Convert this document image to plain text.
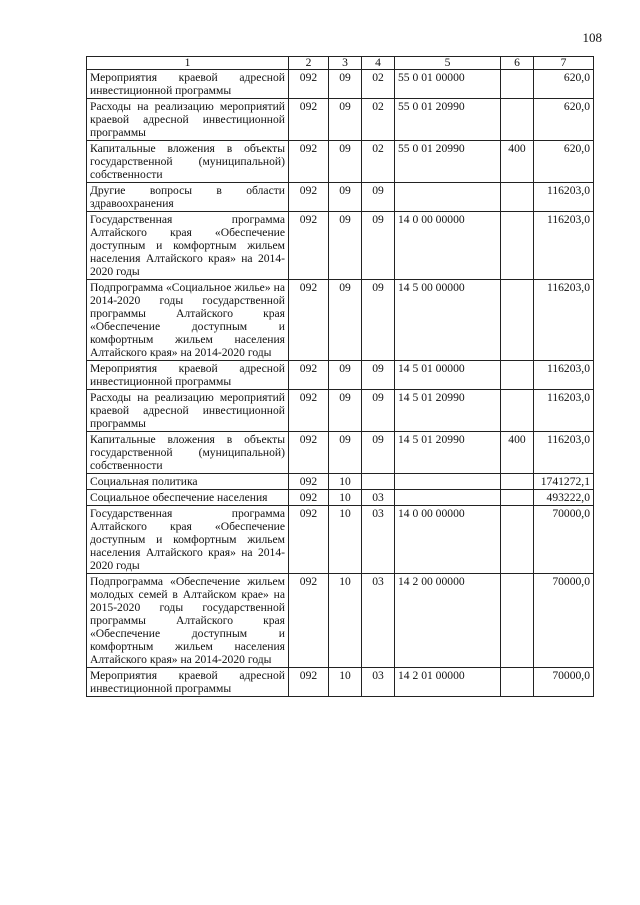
108
1	2	3	4	5	6	7
Мероприятия краевой адресной инвестиционной программы	092	09	02	55 0 01 00000		620,0
Расходы на реализацию мероприятий краевой адресной инвестиционной программы	092	09	02	55 0 01 20990		620,0
Капитальные вложения в объекты государственной (муниципальной) собственности	092	09	02	55 0 01 20990	400	620,0
Другие вопросы в области здравоохранения	092	09	09			116203,0
Государственная программа Алтайского края «Обеспечение доступным и комфортным жильем населения Алтайского края» на 2014-2020 годы	092	09	09	14 0 00 00000		116203,0
Подпрограмма «Социальное жилье» на 2014-2020 годы государственной программы Алтайского края «Обеспечение доступным и комфортным жильем населения Алтайского края» на 2014-2020 годы	092	09	09	14 5 00 00000		116203,0
Мероприятия краевой адресной инвестиционной программы	092	09	09	14 5 01 00000		116203,0
Расходы на реализацию мероприятий краевой адресной инвестиционной программы	092	09	09	14 5 01 20990		116203,0
Капитальные вложения в объекты государственной (муниципальной) собственности	092	09	09	14 5 01 20990	400	116203,0
Социальная политика	092	10				1741272,1
Социальное обеспечение населения	092	10	03			493222,0
Государственная программа Алтайского края «Обеспечение доступным и комфортным жильем населения Алтайского края» на 2014-2020 годы	092	10	03	14 0 00 00000		70000,0
Подпрограмма «Обеспечение жильем молодых семей в Алтайском крае» на 2015-2020 годы государственной программы Алтайского края «Обеспечение доступным и комфортным жильем населения Алтайского края» на 2014-2020 годы	092	10	03	14 2 00 00000		70000,0
Мероприятия краевой адресной инвестиционной программы	092	10	03	14 2 01 00000		70000,0
